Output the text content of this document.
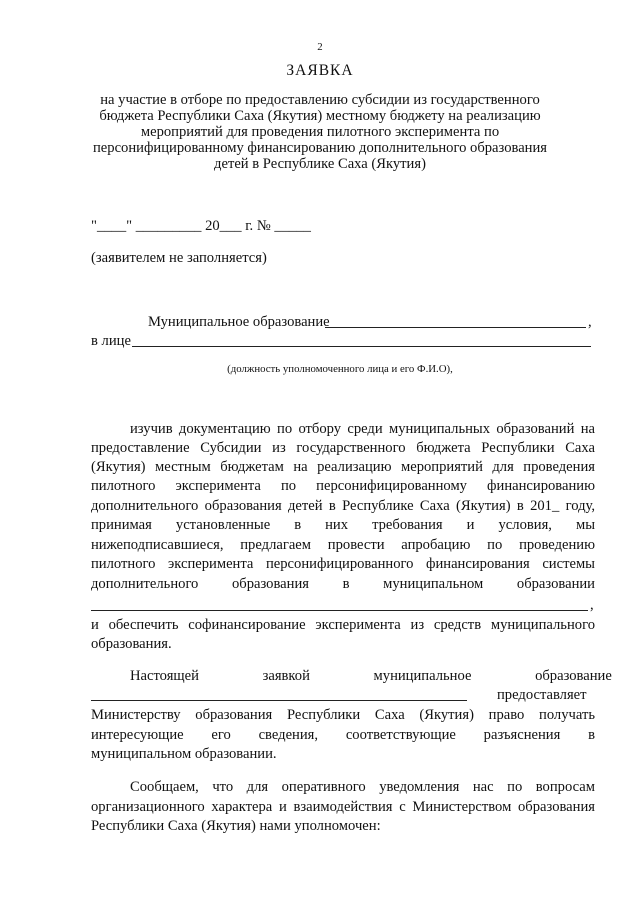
2
ЗАЯВКА
на участие в отборе по предоставлению субсидии из государственного
бюджета Республики Саха (Якутия) местному бюджету на реализацию
мероприятий для проведения пилотного эксперимента по
персонифицированному финансированию дополнительного образования
детей в Республике Саха (Якутия)
"____" _________ 20___ г. № _____
(заявителем не заполняется)
Муниципальное образование	,
в лице
(должность уполномоченного лица и его Ф.И.О),
изучив документацию по отбору среди муниципальных образований на
предоставление Субсидии из государственного бюджета Республики Саха
(Якутия) местным бюджетам на реализацию мероприятий для проведения
пилотного эксперимента по персонифицированному финансированию
дополнительного образования детей в Республике Саха (Якутия) в 201_ году,
принимая установленные в них требования и условия, мы
нижеподписавшиеся, предлагаем провести апробацию по проведению
пилотного эксперимента персонифицированного финансирования системы
дополнительного образования в муниципальном образовании
,
и обеспечить софинансирование эксперимента из средств муниципального
образования.
Настоящей заявкой муниципальное образование
предоставляет
Министерству образования Республики Саха (Якутия) право получать
интересующие его сведения, соответствующие разъяснения в
муниципальном образовании.
Сообщаем, что для оперативного уведомления нас по вопросам
организационного характера и взаимодействия с Министерством образования
Республики Саха (Якутия) нами уполномочен:
